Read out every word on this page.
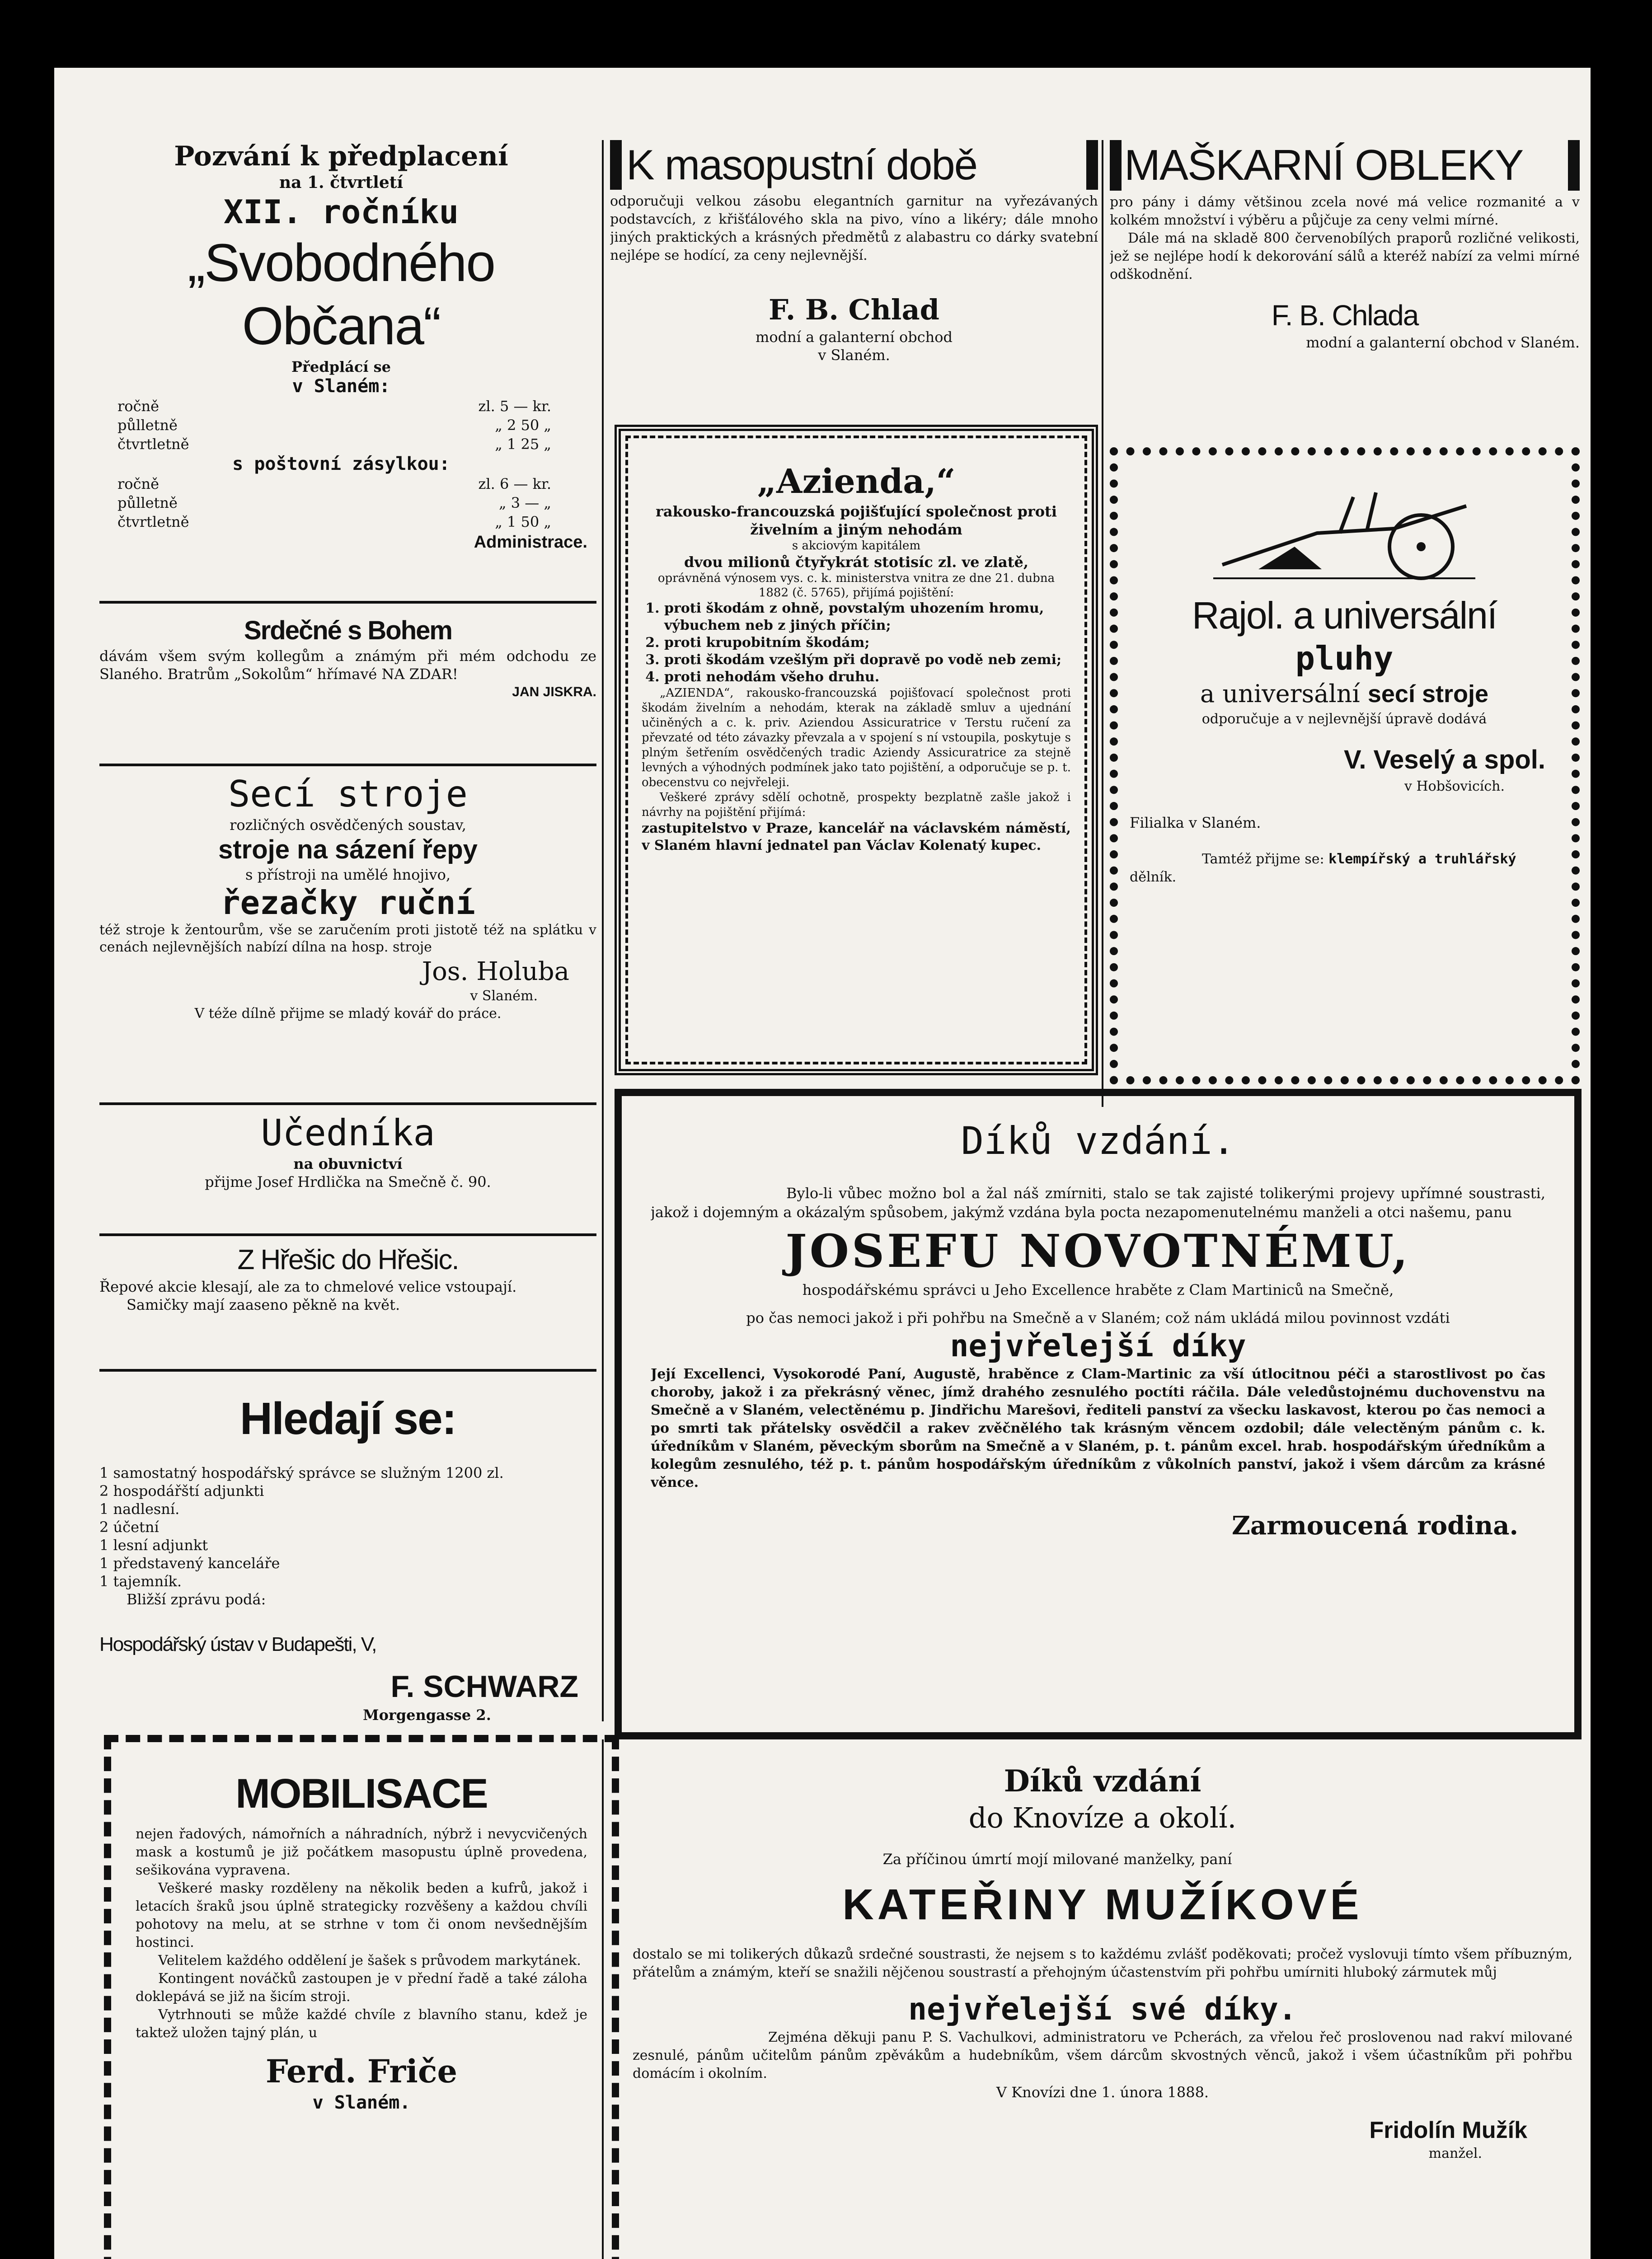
Pozvání k předplacení
na 1. čtvrtletí
XII. ročníku
„Svobodného Občana“
Předplácí se
v Slaném:
ročně	zl. 5 — kr.
půlletně	„ 2 50 „
čtvrtletně	„ 1 25 „
s poštovní zásylkou:
ročně	zl. 6 — kr.
půlletně	„ 3 — „
čtvrtletně	„ 1 50 „
Administrace.
Srdečné s Bohem

dávám všem svým kollegům a známým při mém odchodu ze Slaného. Bratrům „Sokolům“ hřímavé NA ZDAR!

JAN JISKRA.
Secí stroje
rozličných osvědčených soustav,
stroje na sázení řepy
s přístroji na umělé hnojivo,
řezačky ruční

též stroje k žentourům, vše se zaručením proti jistotě též na splátku v cenách nejlevnějších nabízí dílna na hosp. stroje

Jos. Holuba
v Slaném.
V téže dílně přijme se mladý kovář do práce.
Učedníka
na obuvnictví
přijme Josef Hrdlička na Smečně č. 90.
Z Hřešic do Hřešic.

Řepové akcie klesají, ale za to chmelové velice vstoupají.

Samičky mají zaaseno pěkně na květ.

Hledají se:
1 samostatný hospodářský správce se služným 1200 zl.
2 hospodářští adjunkti
1 nadlesní.
2 účetní
1 lesní adjunkt
1 představený kanceláře
1 tajemník.
Bližší zprávu podá:
Hospodářský ústav v Budapešti, V,
F. SCHWARZ
Morgengasse 2.
MOBILISACE

nejen řadových, námořních a náhradních, nýbrž i nevycvičených mask a kostumů je již počátkem masopustu úplně provedena, sešikována vypravena.

Veškeré masky rozděleny na několik beden a kufrů, jakož i letacích šraků jsou úplně strategicky rozvěšeny a každou chvíli pohotovy na melu, at se strhne v tom či onom nevšednějším hostinci.

Velitelem každého oddělení je šašek s průvodem markytánek.

Kontingent nováčků zastoupen je v přední řadě a také záloha doklepává se již na šicím stroji.

Vytrhnouti se může každé chvíle z blavního stanu, kdež je taktež uložen tajný plán, u

Ferd. Friče
v Slaném.
K masopustní době

odporučuji velkou zásobu elegantních garnitur na vyřezávaných podstavcích, z křišťálového skla na pivo, víno a likéry; dále mnoho jiných praktických a krásných předmětů z alabastru co dárky svatební nejlépe se hodící, za ceny nejlevnější.

F. B. Chlad
modní a galanterní obchod
v Slaném.
„Azienda,“
rakousko-francouzská pojišťující společnost proti živelním a jiným nehodám
s akciovým kapitálem
dvou milionů čtyřykrát stotisíc zl. ve zlatě,
oprávněná výnosem vys. c. k. ministerstva vnitra ze dne 21. dubna 1882 (č. 5765), přijímá pojištění:
1. proti škodám z ohně, povstalým uhozením hromu, výbuchem neb z jiných příčin;
2. proti krupobitním škodám;
3. proti škodám vzešlým při dopravě po vodě neb zemi;
4. proti nehodám všeho druhu.

„AZIENDA“, rakousko-francouzská pojišťovací společnost proti škodám živelním a nehodám, kterak na základě smluv a ujednání učiněných a c. k. priv. Aziendou Assicuratrice v Terstu ručení za převzaté od této závazky převzala a v spojení s ní vstoupila, poskytuje s plným šetřením osvědčených tradic Aziendy Assicuratrice za stejně levných a výhodných podmínek jako tato pojištění, a odporučuje se p. t. obecenstvu co nejvřeleji.

Veškeré zprávy sdělí ochotně, prospekty bezplatně zašle jakož i návrhy na pojištění přijímá:

zastupitelstvo v Praze, kancelář na václavském náměstí, v Slaném hlavní jednatel pan Václav Kolenatý kupec.

MAŠKARNÍ OBLEKY

pro pány i dámy většinou zcela nové má velice rozmanité a v kolkém množství i výběru a půjčuje za ceny velmi mírné.

Dále má na skladě 800 červenobílých praporů rozličné velikosti, jež se nejlépe hodí k dekorování sálů a kteréž nabízí za velmi mírné odškodnění.

F. B. Chlada
modní a galanterní obchod v Slaném.
Rajol. a universální
pluhy
a universální secí stroje
odporučuje a v nejlevnější úpravě dodává
V. Veselý a spol.
v Hobšovicích.
Filialka v Slaném.

Tamtéž přijme se: klempířský a truhlářský dělník.

Díků vzdání.

Bylo-li vůbec možno bol a žal náš zmírniti, stalo se tak zajisté tolikerými projevy upřímné soustrasti, jakož i dojemným a okázalým spůsobem, jakýmž vzdána byla pocta nezapomenutelnému manželi a otci našemu, panu

JOSEFU NOVOTNÉMU,
hospodářskému správci u Jeho Excellence hraběte z Clam Martiniců na Smečně,
po čas nemoci jakož i při pohřbu na Smečně a v Slaném; což nám ukládá milou povinnost vzdáti
nejvřelejší díky

Její Excellenci, Vysokorodé Paní, Augustě, hraběnce z Clam-Martinic za vší útlocitnou péči a starostlivost po čas choroby, jakož i za překrásný věnec, jímž drahého zesnulého poctíti ráčila. Dále veledůstojnému duchovenstvu na Smečně a v Slaném, velectěnému p. Jindřichu Marešovi, řediteli panství za všecku laskavost, kterou po čas nemoci a po smrti tak přátelsky osvědčil a rakev zvěčnělého tak krásným věncem ozdobil; dále velectěným pánům c. k. úředníkům v Slaném, pěveckým sborům na Smečně a v Slaném, p. t. pánům excel. hrab. hospodářským úředníkům a kolegům zesnulého, též p. t. pánům hospodářským úředníkům z vůkolních panství, jakož i všem dárcům za krásné věnce.

Zarmoucená rodina.
Díků vzdání
do Knovíze a okolí.
Za příčinou úmrtí mojí milované manželky, paní
KATEŘINY MUŽÍKOVÉ

dostalo se mi tolikerých důkazů srdečné soustrasti, že nejsem s to každému zvlášť poděkovati; pročež vyslovuji tímto všem příbuzným, přátelům a známým, kteří se snažili nějčenou soustrastí a přehojným účastenstvím při pohřbu umírniti hluboký zármutek můj

nejvřelejší své díky.

Zejména děkuji panu P. S. Vachulkovi, administratoru ve Pcherách, za vřelou řeč proslovenou nad rakví milované zesnulé, pánům učitelům pánům zpěvákům a hudebníkům, všem dárcům skvostných věnců, jakož i všem účastníkům při pohřbu domácím i okolním.

V Knovízi dne 1. února 1888.
Fridolín Mužík
manžel.
